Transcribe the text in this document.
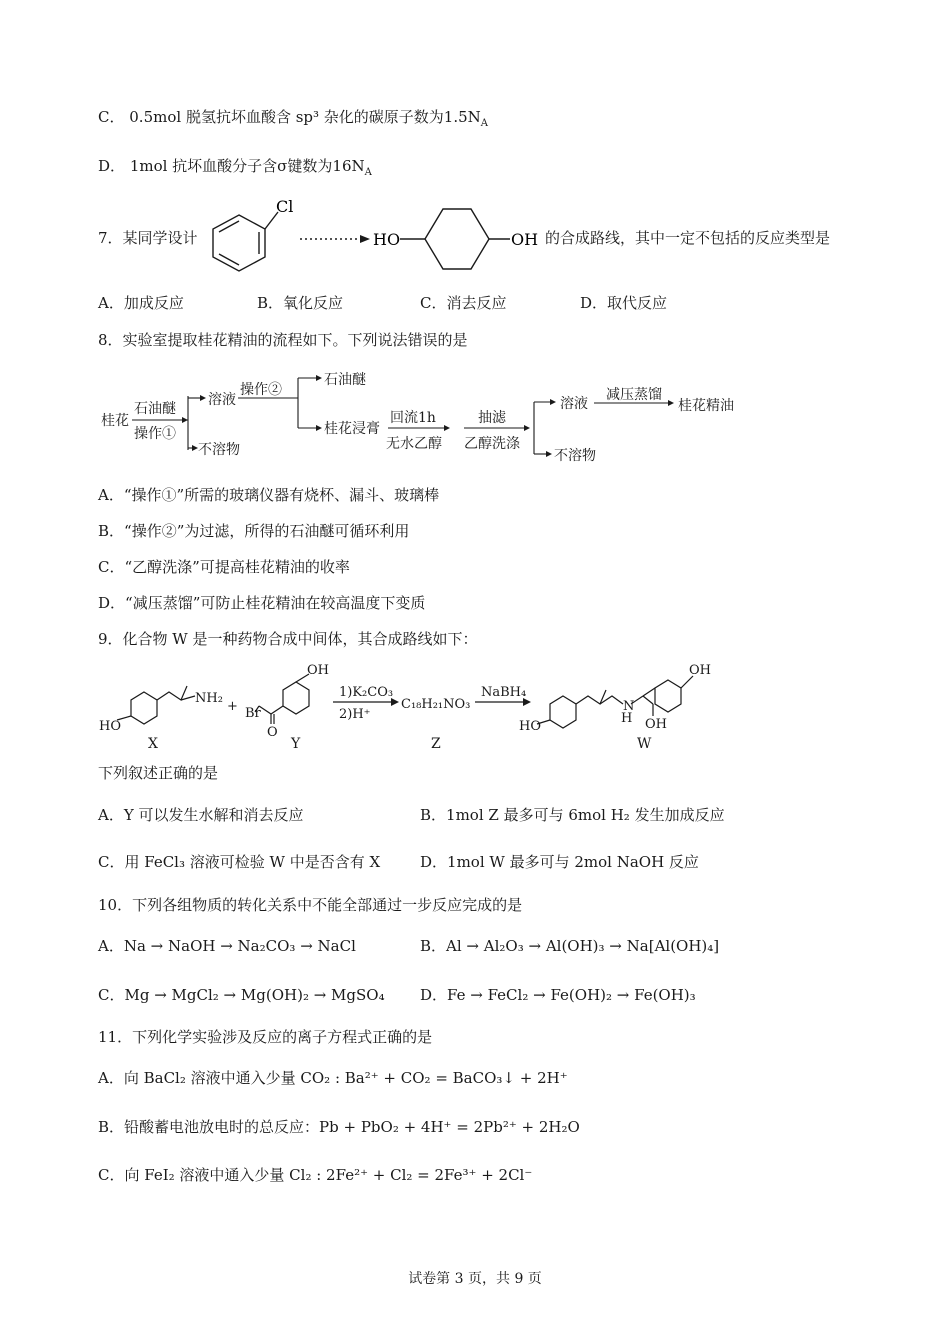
C． 0.5mol 脱氢抗坏血酸含 sp³ 杂化的碳原子数为$1.5N_A$
D． 1mol 抗坏血酸分子含σ键数为$16N_A$
7．某同学设计
Cl
HO	OH 的合成路线，其中一定不包括的反应类型是
A．加成反应	B．氧化反应	C．消去反应	D．取代反应
8．实验室提取桂花精油的流程如下。下列说法错误的是
桂花
石油醚
操作①
溶液
不溶物
操作②
石油醚
桂花浸膏
回流1h
无水乙醇
抽滤
乙醇洗涤
溶液
不溶物
减压蒸馏
桂花精油
A．“操作①”所需的玻璃仪器有烧杯、漏斗、玻璃棒
B．“操作②”为过滤，所得的石油醚可循环利用
C．“乙醇洗涤”可提高桂花精油的收率
D．“减压蒸馏”可防止桂花精油在较高温度下变质
9．化合物 W 是一种药物合成中间体，其合成路线如下：
HO
NH₂
+
OH
Br
O
1)K₂CO₃
2)H⁺
C₁₈H₂₁NO₃
NaBH₄
HO
N
H OH
OH
X	Y	Z	W
下列叙述正确的是
A．Y 可以发生水解和消去反应	B．1mol Z 最多可与 6mol H₂ 发生加成反应
C．用 FeCl₃ 溶液可检验 W 中是否含有 X	D．1mol W 最多可与 2mol NaOH 反应
10．下列各组物质的转化关系中不能全部通过一步反应完成的是
A．Na → NaOH → Na₂CO₃ → NaCl	B．Al → Al₂O₃ → Al(OH)₃ → Na[Al(OH)₄]
C．Mg → MgCl₂ → Mg(OH)₂ → MgSO₄ D．Fe → FeCl₂ → Fe(OH)₂ → Fe(OH)₃
11．下列化学实验涉及反应的离子方程式正确的是
A．向 BaCl₂ 溶液中通入少量 CO₂ : Ba²⁺ + CO₂ = BaCO₃↓ + 2H⁺
B．铅酸蓄电池放电时的总反应：Pb + PbO₂ + 4H⁺ = 2Pb²⁺ + 2H₂O
C．向 FeI₂ 溶液中通入少量 Cl₂ : 2Fe²⁺ + Cl₂ = 2Fe³⁺ + 2Cl⁻
试卷第 3 页，共 9 页
